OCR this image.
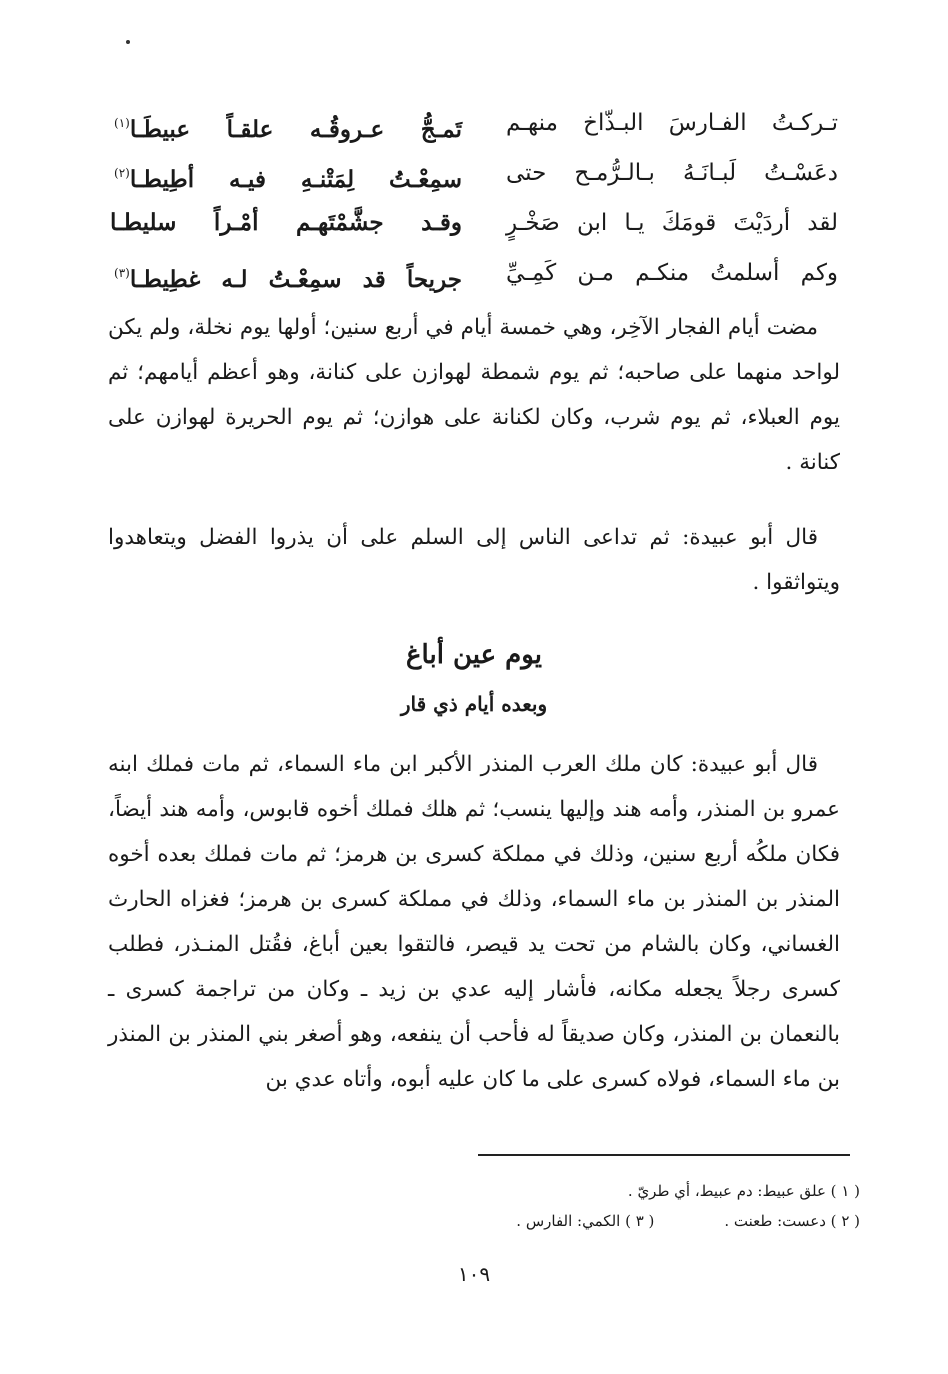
تـركـتُ الفـارسَ البـذّاخ منهـم
تَمـجُّ عـروقُـه علقـاً عبيطَـا$^{(١)}$
دعَسْـتُ لَبـانَـهُ بـالـرُّمـح حتى
سمِعْـتُ لِمَتْنـهِ فيـه أطِيطـا$^{(٢)}$
لقد أردَيْتَ قومَكَ يـا ابن صَخْـرٍ
وقـد جشَّمْتَهـم أمْـراً سليطـا
وكم أسلمتُ منكـم مـن كَمِـيِّ
جريحاً قد سمِعْـتُ لـه غطِيطـا$^{(٣)}$

مضت أيام الفجار الآخِر، وهي خمسة أيام في أربع سنين؛ أولها يوم نخلة، ولم يكن لواحد منهما على صاحبه؛ ثم يوم شمطة لهوازن على كنانة، وهو أعظم أيامهم؛ ثم يوم العبلاء، ثم يوم شرب، وكان لكنانة على هوازن؛ ثم يوم الحريرة لهوازن على كنانة .

قال أبو عبيدة: ثم تداعى الناس إلى السلم على أن يذروا الفضل ويتعاهدوا ويتواثقوا .

يوم عين أباغ
وبعده أيام ذي قار

قال أبو عبيدة: كان ملك العرب المنذر الأكبر ابن ماء السماء، ثم مات فملك ابنه عمرو بن المنذر، وأمه هند وإليها ينسب؛ ثم هلك فملك أخوه قابوس، وأمه هند أيضاً، فكان ملكُه أربع سنين، وذلك في مملكة كسرى بن هرمز؛ ثم مات فملك بعده أخوه المنذر بن المنذر بن ماء السماء، وذلك في مملكة كسرى بن هرمز؛ فغزاه الحارث الغساني، وكان بالشام من تحت يد قيصر، فالتقوا بعين أباغ، فقُتل المنـذر، فطلب كسرى رجلاً يجعله مكانه، فأشار إليه عدي بن زيد ـ وكان من تراجمة كسرى ـ بالنعمان بن المنذر، وكان صديقاً له فأحب أن ينفعه، وهو أصغر بني المنذر بن المنذر بن ماء السماء، فولاه كسرى على ما كان عليه أبوه، وأتاه عدي بن

( ١ ) علق عبيط: دم عبيط، أي طريّ .
( ٢ ) دعست: طعنت .( ٣ ) الكمي: الفارس .
١٠٩
